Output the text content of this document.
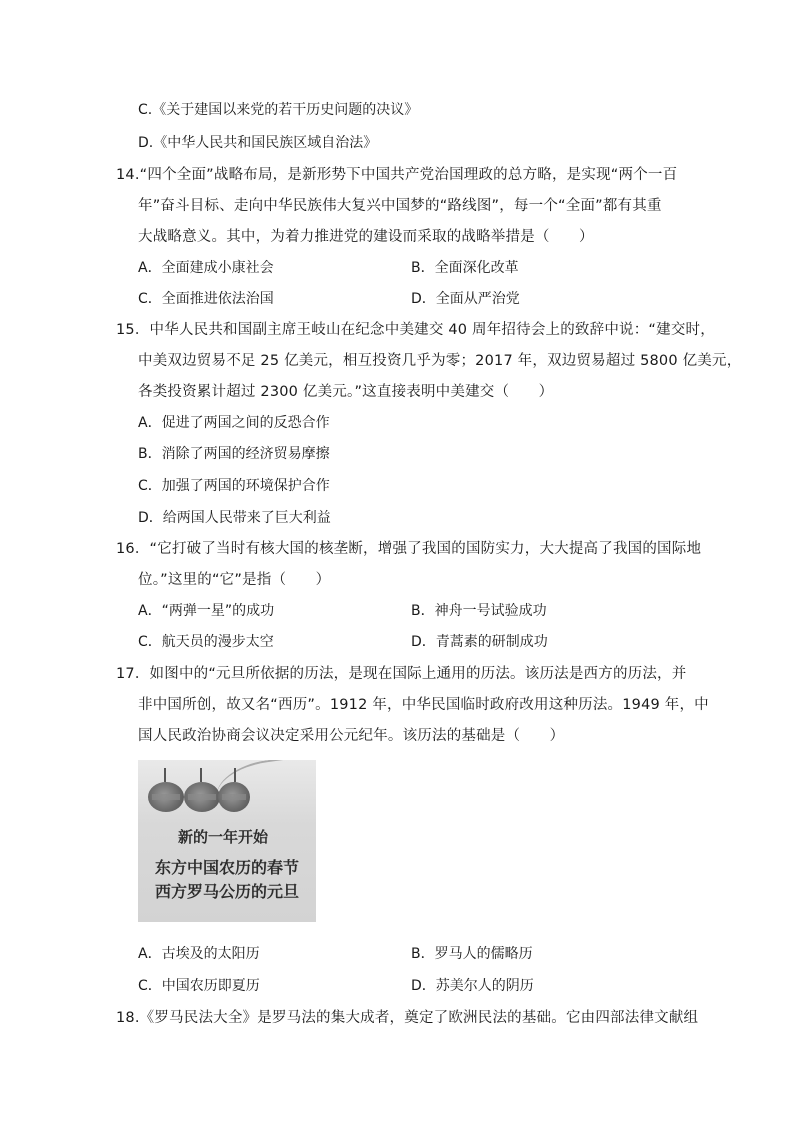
C.《关于建国以来党的若干历史问题的决议》
D.《中华人民共和国民族区域自治法》
14.“四个全面”战略布局，是新形势下中国共产党治国理政的总方略，是实现“两个一百
年”奋斗目标、走向中华民族伟大复兴中国梦的“路线图”，每一个“全面”都有其重
大战略意义。其中，为着力推进党的建设而采取的战略举措是（　　）
A．全面建成小康社会	B．全面深化改革
C．全面推进依法治国	D．全面从严治党
15．中华人民共和国副主席王岐山在纪念中美建交 40 周年招待会上的致辞中说：“建交时，
中美双边贸易不足 25 亿美元，相互投资几乎为零；2017 年，双边贸易超过 5800 亿美元，
各类投资累计超过 2300 亿美元。”这直接表明中美建交（　　）
A．促进了两国之间的反恐合作
B．消除了两国的经济贸易摩擦
C．加强了两国的环境保护合作
D．给两国人民带来了巨大利益
16．“它打破了当时有核大国的核垄断，增强了我国的国防实力，大大提高了我国的国际地
位。”这里的“它”是指（　　）
A．“两弹一星”的成功	B．神舟一号试验成功
C．航天员的漫步太空	D．青蒿素的研制成功
17．如图中的“元旦所依据的历法，是现在国际上通用的历法。该历法是西方的历法，并
非中国所创，故又名“西历”。1912 年，中华民国临时政府改用这种历法。1949 年，中
国人民政治协商会议决定采用公元纪年。该历法的基础是（　　）
新的一年开始
东方中国农历的春节
西方罗马公历的元旦
A．古埃及的太阳历	B．罗马人的儒略历
C．中国农历即夏历	D．苏美尔人的阴历
18.《罗马民法大全》是罗马法的集大成者，奠定了欧洲民法的基础。它由四部法律文献组
